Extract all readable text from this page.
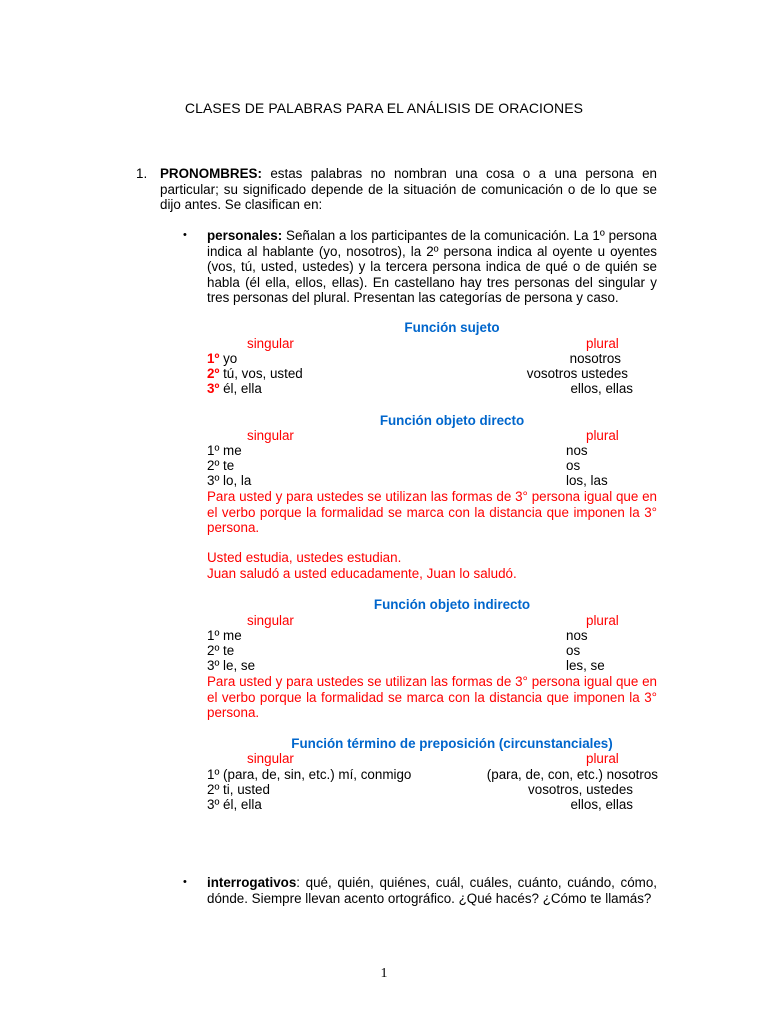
CLASES DE PALABRAS PARA EL ANÁLISIS DE ORACIONES
1. PRONOMBRES: estas palabras no nombran una cosa o a una persona en particular; su significado depende de la situación de comunicación o de lo que se dijo antes. Se clasifican en:
• personales: Señalan a los participantes de la comunicación. La 1º persona indica al hablante (yo, nosotros), la 2º persona indica al oyente u oyentes (vos, tú, usted, ustedes) y la tercera persona indica de qué o de quién se habla (él ella, ellos, ellas). En castellano hay tres personas del singular y tres personas del plural. Presentan las categorías de persona y caso.
Función sujeto
singular	plural
1º yo	nosotros
2º tú, vos, usted	vosotros ustedes
3º él, ella	ellos, ellas
Función objeto directo
singular	plural
1º me	nos
2º te	os
3º lo, la	los, las
Para usted y para ustedes se utilizan las formas de 3° persona igual que en el verbo porque la formalidad se marca con la distancia que imponen la 3° persona.
Usted estudia, ustedes estudian.
Juan saludó a usted educadamente, Juan lo saludó.
Función objeto indirecto
singular	plural
1º me	nos
2º te	os
3º le, se	les, se
Para usted y para ustedes se utilizan las formas de 3° persona igual que en el verbo porque la formalidad se marca con la distancia que imponen la 3° persona.
Función término de preposición (circunstanciales)
singular	plural
1º (para, de, sin, etc.) mí, conmigo	(para, de, con, etc.) nosotros
2º ti, usted	vosotros, ustedes
3º él, ella	ellos, ellas
• interrogativos: qué, quién, quiénes, cuál, cuáles, cuánto, cuándo, cómo, dónde. Siempre llevan acento ortográfico. ¿Qué hacés? ¿Cómo te llamás?
1
